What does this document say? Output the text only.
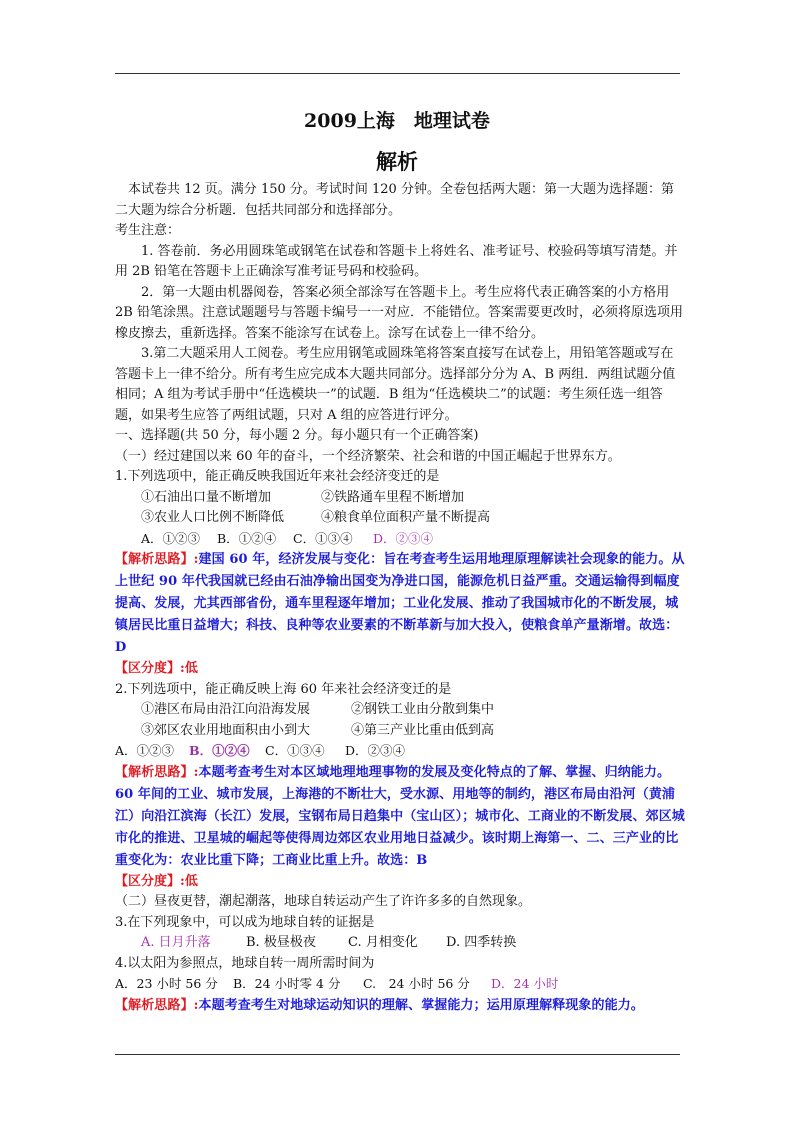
2009上海　地理试卷
解析

本试卷共 12 页。满分 150 分。考试时间 120 分钟。全卷包括两大题：第一大题为选择题：第二大题为综合分析题．包括共同部分和选择部分。

考生注意：

1. 答卷前．务必用圆珠笔或钢笔在试卷和答题卡上将姓名、准考证号、校验码等填写清楚。并用 2B 铅笔在答题卡上正确涂写准考证号码和校验码。

2．第一大题由机器阅卷，答案必须全部涂写在答题卡上。考生应将代表正确答案的小方格用 2B 铅笔涂黑。注意试题题号与答题卡编号一一对应．不能错位。答案需要更改时，必须将原选项用橡皮擦去，重新选择。答案不能涂写在试卷上。涂写在试卷上一律不给分。

3.第二大题采用人工阅卷。考生应用钢笔或圆珠笔将答案直接写在试卷上，用铅笔答题或写在答题卡上一律不给分。所有考生应完成本大题共同部分。选择部分分为 A、B 两组．两组试题分值相同；A 组为考试手册中“任选模块一”的试题．B 组为“任选模块二”的试题：考生须任选一组答题，如果考生应答了两组试题，只对 A 组的应答进行评分。

一、选择题(共 50 分，每小题 2 分。每小题只有一个正确答案)

（一）经过建国以来 60 年的奋斗，一个经济繁荣、社会和谐的中国正崛起于世界东方。

1.下列选项中，能正确反映我国近年来社会经济变迁的是

①石油出口量不断增加	②铁路通车里程不断增加

③农业人口比例不断降低	④粮食单位面积产量不断提高

A．①②③ B．①②④ C．①③④ D．②③④

【解析思路】:建国 60 年，经济发展与变化：旨在考查考生运用地理原理解读社会现象的能力。从上世纪 90 年代我国就已经由石油净输出国变为净进口国，能源危机日益严重。交通运输得到幅度提高、发展，尤其西部省份，通车里程逐年增加；工业化发展、推动了我国城市化的不断发展，城镇居民比重日益增大；科技、良种等农业要素的不断革新与加大投入，使粮食单产量渐增。故选：D

【区分度】:低

2.下列选项中，能正确反映上海 60 年来社会经济变迁的是

①港区布局由沿江向沿海发展	②钢铁工业由分散到集中

③郊区农业用地面积由小到大	④第三产业比重由低到高

A．①②③ B．①②④ C．①③④ D．②③④

【解析思路】:本题考查考生对本区域地理地理事物的发展及变化特点的了解、掌握、归纳能力。60 年间的工业、城市发展，上海港的不断壮大，受水源、用地等的制约，港区布局由沿河（黄浦江）向沿江滨海（长江）发展，宝钢布局日趋集中（宝山区）；城市化、工商业的不断发展、郊区城市化的推进、卫星城的崛起等使得周边郊区农业用地日益减少。该时期上海第一、二、三产业的比重变化为：农业比重下降；工商业比重上升。故选：B

【区分度】:低

（二）昼夜更替，潮起潮落，地球自转运动产生了许许多多的自然现象。

3.在下列现象中，可以成为地球自转的证据是

A. 日月升落	B. 极昼极夜 C. 月相变化 D. 四季转换

4.以太阳为参照点，地球自转一周所需时间为

A．23 小时 56 分 B．24 小时零 4 分 C.　24 小时 56 分 D．24 小时

【解析思路】:本题考查考生对地球运动知识的理解、掌握能力；运用原理解释现象的能力。
